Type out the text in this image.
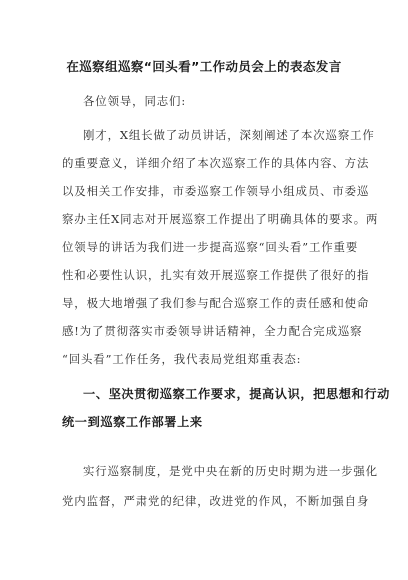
在巡察组巡察“回头看”工作动员会上的表态发言
各位领导，同志们:
刚才，X组长做了动员讲话，深刻阐述了本次巡察工作
的重要意义，详细介绍了本次巡察工作的具体内容、方法
以及相关工作安排，市委巡察工作领导小组成员、市委巡
察办主任X同志对开展巡察工作提出了明确具体的要求。两
位领导的讲话为我们进一步提高巡察“回头看”工作重要
性和必要性认识，扎实有效开展巡察工作提供了很好的指
导，极大地增强了我们参与配合巡察工作的责任感和使命
感!为了贯彻落实市委领导讲话精神，全力配合完成巡察
“回头看”工作任务，我代表局党组郑重表态:
一、坚决贯彻巡察工作要求，提高认识，把思想和行动
统一到巡察工作部署上来
实行巡察制度，是党中央在新的历史时期为进一步强化
党内监督，严肃党的纪律，改进党的作风，不断加强自身
